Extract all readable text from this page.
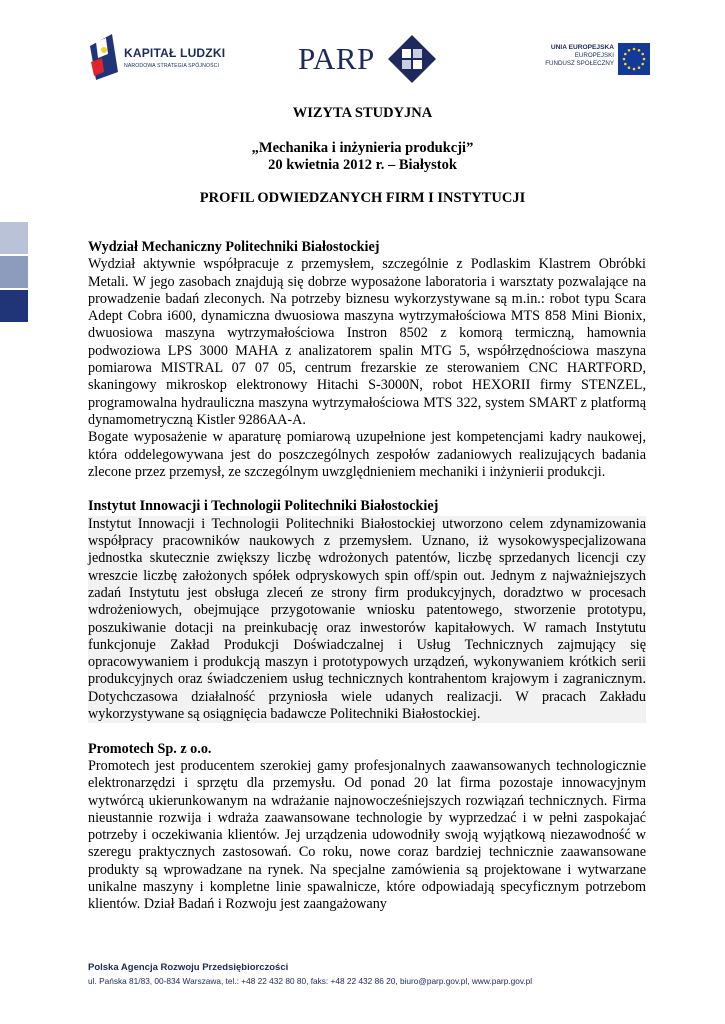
KAPITAŁ LUDZKI
NARODOWA STRATEGIA SPÓJNOŚCI	PARP	UNIA EUROPEJSKA
EUROPEJSKI
FUNDUSZ SPOŁECZNY
WIZYTA STUDYJNA
„Mechanika i inżynieria produkcji”
20 kwietnia 2012 r. – Białystok
PROFIL ODWIEDZANYCH FIRM I INSTYTUCJI
Wydział Mechaniczny Politechniki Białostockiej

Wydział aktywnie współpracuje z przemysłem, szczególnie z Podlaskim Klastrem Obróbki Metali. W jego zasobach znajdują się dobrze wyposażone laboratoria i warsztaty pozwalające na prowadzenie badań zleconych. Na potrzeby biznesu wykorzystywane są m.in.: robot typu Scara Adept Cobra i600, dynamiczna dwuosiowa maszyna wytrzymałościowa MTS 858 Mini Bionix, dwuosiowa maszyna wytrzymałościowa Instron 8502 z komorą termiczną, hamownia podwoziowa LPS 3000 MAHA z analizatorem spalin MTG 5, współrzędnościowa maszyna pomiarowa MISTRAL 07 07 05, centrum frezarskie ze sterowaniem CNC HARTFORD, skaningowy mikroskop elektronowy Hitachi S-3000N, robot HEXORII firmy STENZEL, programowalna hydrauliczna maszyna wytrzymałościowa MTS 322, system SMART z platformą dynamometryczną Kistler 9286AA-A.

Bogate wyposażenie w aparaturę pomiarową uzupełnione jest kompetencjami kadry naukowej, która oddelegowywana jest do poszczególnych zespołów zadaniowych realizujących badania zlecone przez przemysł, ze szczególnym uwzględnieniem mechaniki i inżynierii produkcji.

Instytut Innowacji i Technologii Politechniki Białostockiej

Instytut Innowacji i Technologii Politechniki Białostockiej utworzono celem zdynamizowania współpracy pracowników naukowych z przemysłem. Uznano, iż wysokowyspecjalizowana jednostka skutecznie zwiększy liczbę wdrożonych patentów, liczbę sprzedanych licencji czy wreszcie liczbę założonych spółek odpryskowych spin off/spin out. Jednym z najważniejszych zadań Instytutu jest obsługa zleceń ze strony firm produkcyjnych, doradztwo w procesach wdrożeniowych, obejmujące przygotowanie wniosku patentowego, stworzenie prototypu, poszukiwanie dotacji na preinkubację oraz inwestorów kapitałowych. W ramach Instytutu funkcjonuje Zakład Produkcji Doświadczalnej i Usług Technicznych zajmujący się opracowywaniem i produkcją maszyn i prototypowych urządzeń, wykonywaniem krótkich serii produkcyjnych oraz świadczeniem usług technicznych kontrahentom krajowym i zagranicznym. Dotychczasowa działalność przyniosła wiele udanych realizacji. W pracach Zakładu wykorzystywane są osiągnięcia badawcze Politechniki Białostockiej.

Promotech Sp. z o.o.

Promotech jest producentem szerokiej gamy profesjonalnych zaawansowanych technologicznie elektronarzędzi i sprzętu dla przemysłu. Od ponad 20 lat firma pozostaje innowacyjnym wytwórcą ukierunkowanym na wdrażanie najnowocześniejszych rozwiązań technicznych. Firma nieustannie rozwija i wdraża zaawansowane technologie by wyprzedzać i w pełni zaspokajać potrzeby i oczekiwania klientów. Jej urządzenia udowodniły swoją wyjątkową niezawodność w szeregu praktycznych zastosowań. Co roku, nowe coraz bardziej technicznie zaawansowane produkty są wprowadzane na rynek. Na specjalne zamówienia są projektowane i wytwarzane unikalne maszyny i kompletne linie spawalnicze, które odpowiadają specyficznym potrzebom klientów. Dział Badań i Rozwoju jest zaangażowany

Polska Agencja Rozwoju Przedsiębiorczości
ul. Pańska 81/83, 00-834 Warszawa, tel.: +48 22 432 80 80, faks: +48 22 432 86 20, biuro@parp.gov.pl, www.parp.gov.pl
